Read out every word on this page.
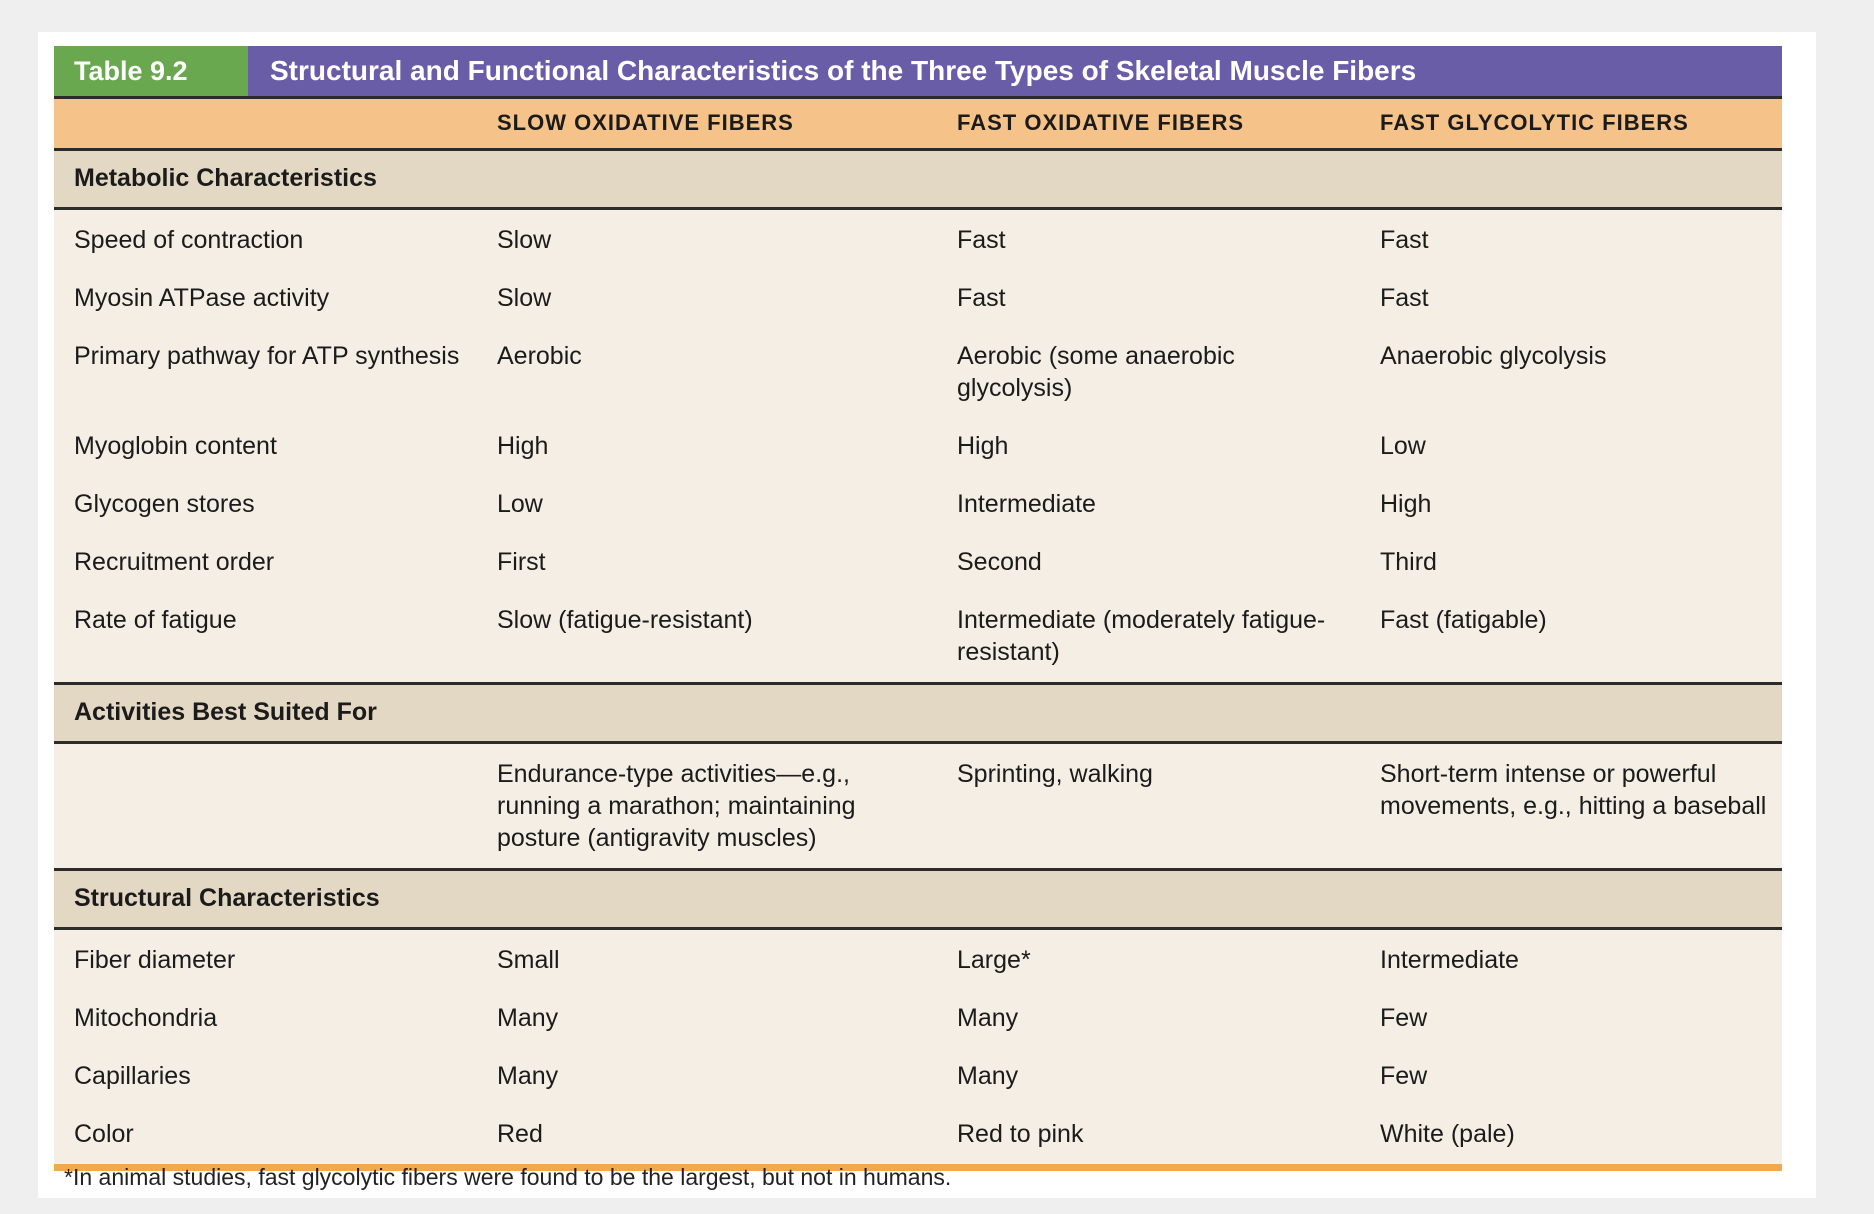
Table 9.2	Structural and Functional Characteristics of the Three Types of Skeletal Muscle Fibers
	SLOW OXIDATIVE FIBERS	FAST OXIDATIVE FIBERS	FAST GLYCOLYTIC FIBERS
Metabolic Characteristics			
Speed of contraction	Slow	Fast	Fast
Myosin ATPase activity	Slow	Fast	Fast
Primary pathway for ATP synthesis	Aerobic	Aerobic (some anaerobic glycolysis)	Anaerobic glycolysis
Myoglobin content	High	High	Low
Glycogen stores	Low	Intermediate	High
Recruitment order	First	Second	Third
Rate of fatigue	Slow (fatigue-resistant)	Intermediate (moderately fatigue-resistant)	Fast (fatigable)
Activities Best Suited For			
	Endurance-type activities—e.g., running a marathon; maintaining posture (antigravity muscles)	Sprinting, walking	Short-term intense or powerful movements, e.g., hitting a baseball
Structural Characteristics			
Fiber diameter	Small	Large*	Intermediate
Mitochondria	Many	Many	Few
Capillaries	Many	Many	Few
Color	Red	Red to pink	White (pale)
*In animal studies, fast glycolytic fibers were found to be the largest, but not in humans.
